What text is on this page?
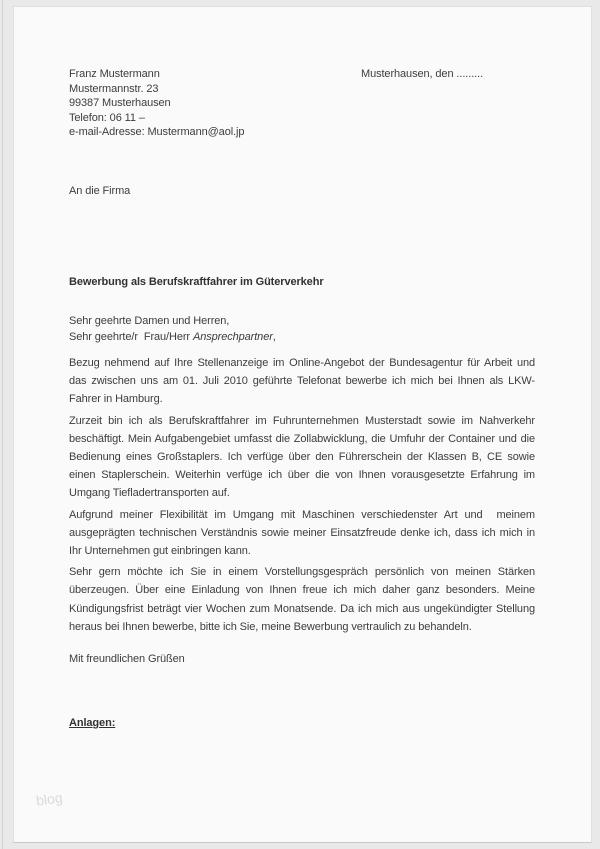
Franz Mustermann
Mustermannstr. 23
99387 Musterhausen
Telefon: 06 11 –
e-mail-Adresse: Mustermann@aol.jp
Musterhausen, den .........
An die Firma
Bewerbung als Berufskraftfahrer im Güterverkehr
Sehr geehrte Damen und Herren,
Sehr geehrte/r  Frau/Herr Ansprechpartner,

Bezug nehmend auf Ihre Stellenanzeige im Online-Angebot der Bundesagentur für Arbeit und das zwischen uns am 01. Juli 2010 geführte Telefonat bewerbe ich mich bei Ihnen als LKW-Fahrer in Hamburg.

Zurzeit bin ich als Berufskraftfahrer im Fuhrunternehmen Musterstadt sowie im Nahverkehr beschäftigt. Mein Aufgabengebiet umfasst die Zollabwicklung, die Umfuhr der Container und die Bedienung eines Großstaplers. Ich verfüge über den Führerschein der Klassen B, CE sowie einen Staplerschein. Weiterhin verfüge ich über die von Ihnen vorausgesetzte Erfahrung im Umgang Tiefladertransporten auf.

Aufgrund meiner Flexibilität im Umgang mit Maschinen verschiedenster Art und  meinem ausgeprägten technischen Verständnis sowie meiner Einsatzfreude denke ich, dass ich mich in Ihr Unternehmen gut einbringen kann.

Sehr gern möchte ich Sie in einem Vorstellungsgespräch persönlich von meinen Stärken überzeugen. Über eine Einladung von Ihnen freue ich mich daher ganz besonders. Meine Kündigungsfrist beträgt vier Wochen zum Monatsende. Da ich mich aus ungekündigter Stellung heraus bei Ihnen bewerbe, bitte ich Sie, meine Bewerbung vertraulich zu behandeln.

Mit freundlichen Grüßen
Anlagen:
blog
